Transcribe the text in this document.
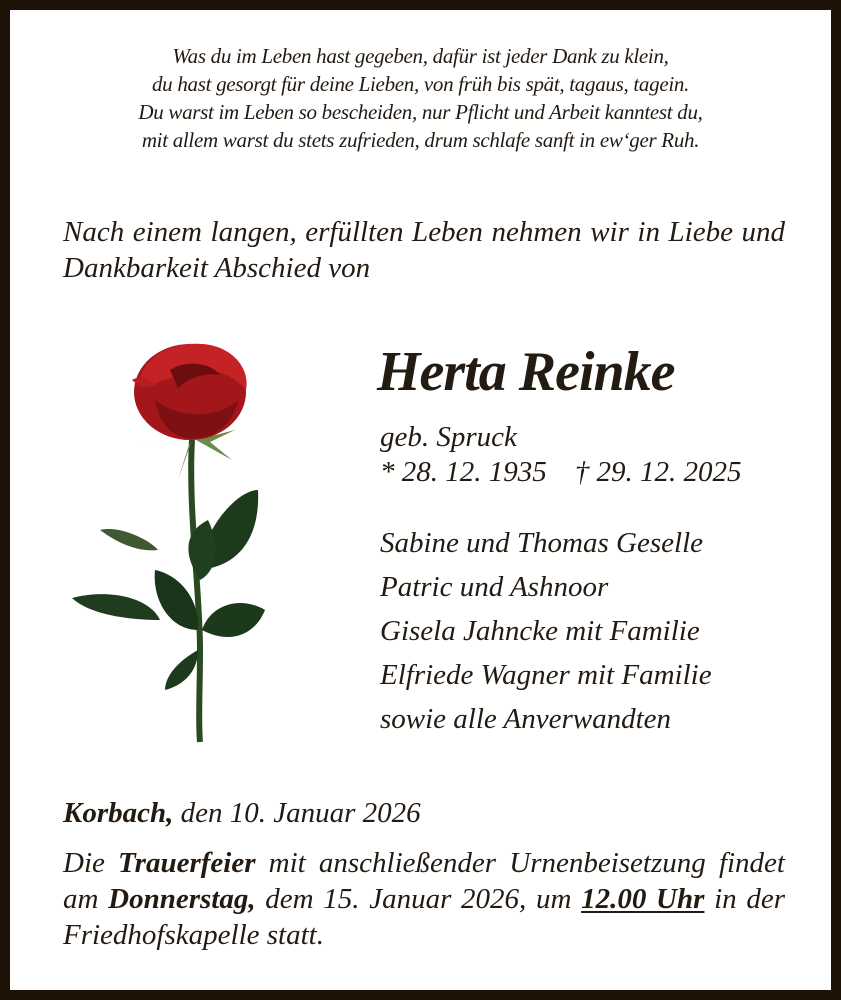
Was du im Leben hast gegeben, dafür ist jeder Dank zu klein,
du hast gesorgt für deine Lieben, von früh bis spät, tagaus, tagein.
Du warst im Leben so bescheiden, nur Pflicht und Arbeit kanntest du,
mit allem warst du stets zufrieden, drum schlafe sanft in ew‘ger Ruh.
Nach einem langen, erfüllten Leben nehmen wir in Liebe und Dankbarkeit Abschied von
Herta Reinke
geb. Spruck
* 28. 12. 1935 † 29. 12. 2025
Sabine und Thomas Geselle
Patric und Ashnoor
Gisela Jahncke mit Familie
Elfriede Wagner mit Familie
sowie alle Anverwandten
Korbach, den 10. Januar 2026
Die Trauerfeier mit anschließender Urnenbeisetzung findet am Donnerstag, dem 15. Januar 2026, um 12.00 Uhr in der Friedhofskapelle statt.
